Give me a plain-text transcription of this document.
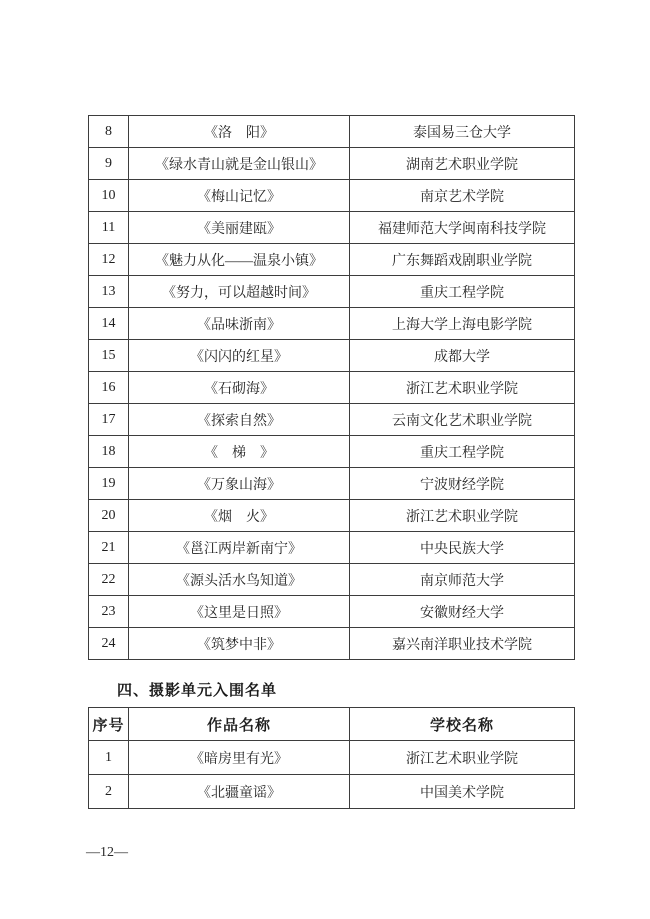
8	《洛　阳》	泰国易三仓大学
9	《绿水青山就是金山银山》	湖南艺术职业学院
10	《梅山记忆》	南京艺术学院
11	《美丽建瓯》	福建师范大学闽南科技学院
12	《魅力从化——温泉小镇》	广东舞蹈戏剧职业学院
13	《努力，可以超越时间》	重庆工程学院
14	《品味浙南》	上海大学上海电影学院
15	《闪闪的红星》	成都大学
16	《石砌海》	浙江艺术职业学院
17	《探索自然》	云南文化艺术职业学院
18	《　梯　》	重庆工程学院
19	《万象山海》	宁波财经学院
20	《烟　火》	浙江艺术职业学院
21	《邕江两岸新南宁》	中央民族大学
22	《源头活水鸟知道》	南京师范大学
23	《这里是日照》	安徽财经大学
24	《筑梦中非》	嘉兴南洋职业技术学院
四、摄影单元入围名单
序号	作品名称	学校名称
1	《暗房里有光》	浙江艺术职业学院
2	《北疆童谣》	中国美术学院
—12—
